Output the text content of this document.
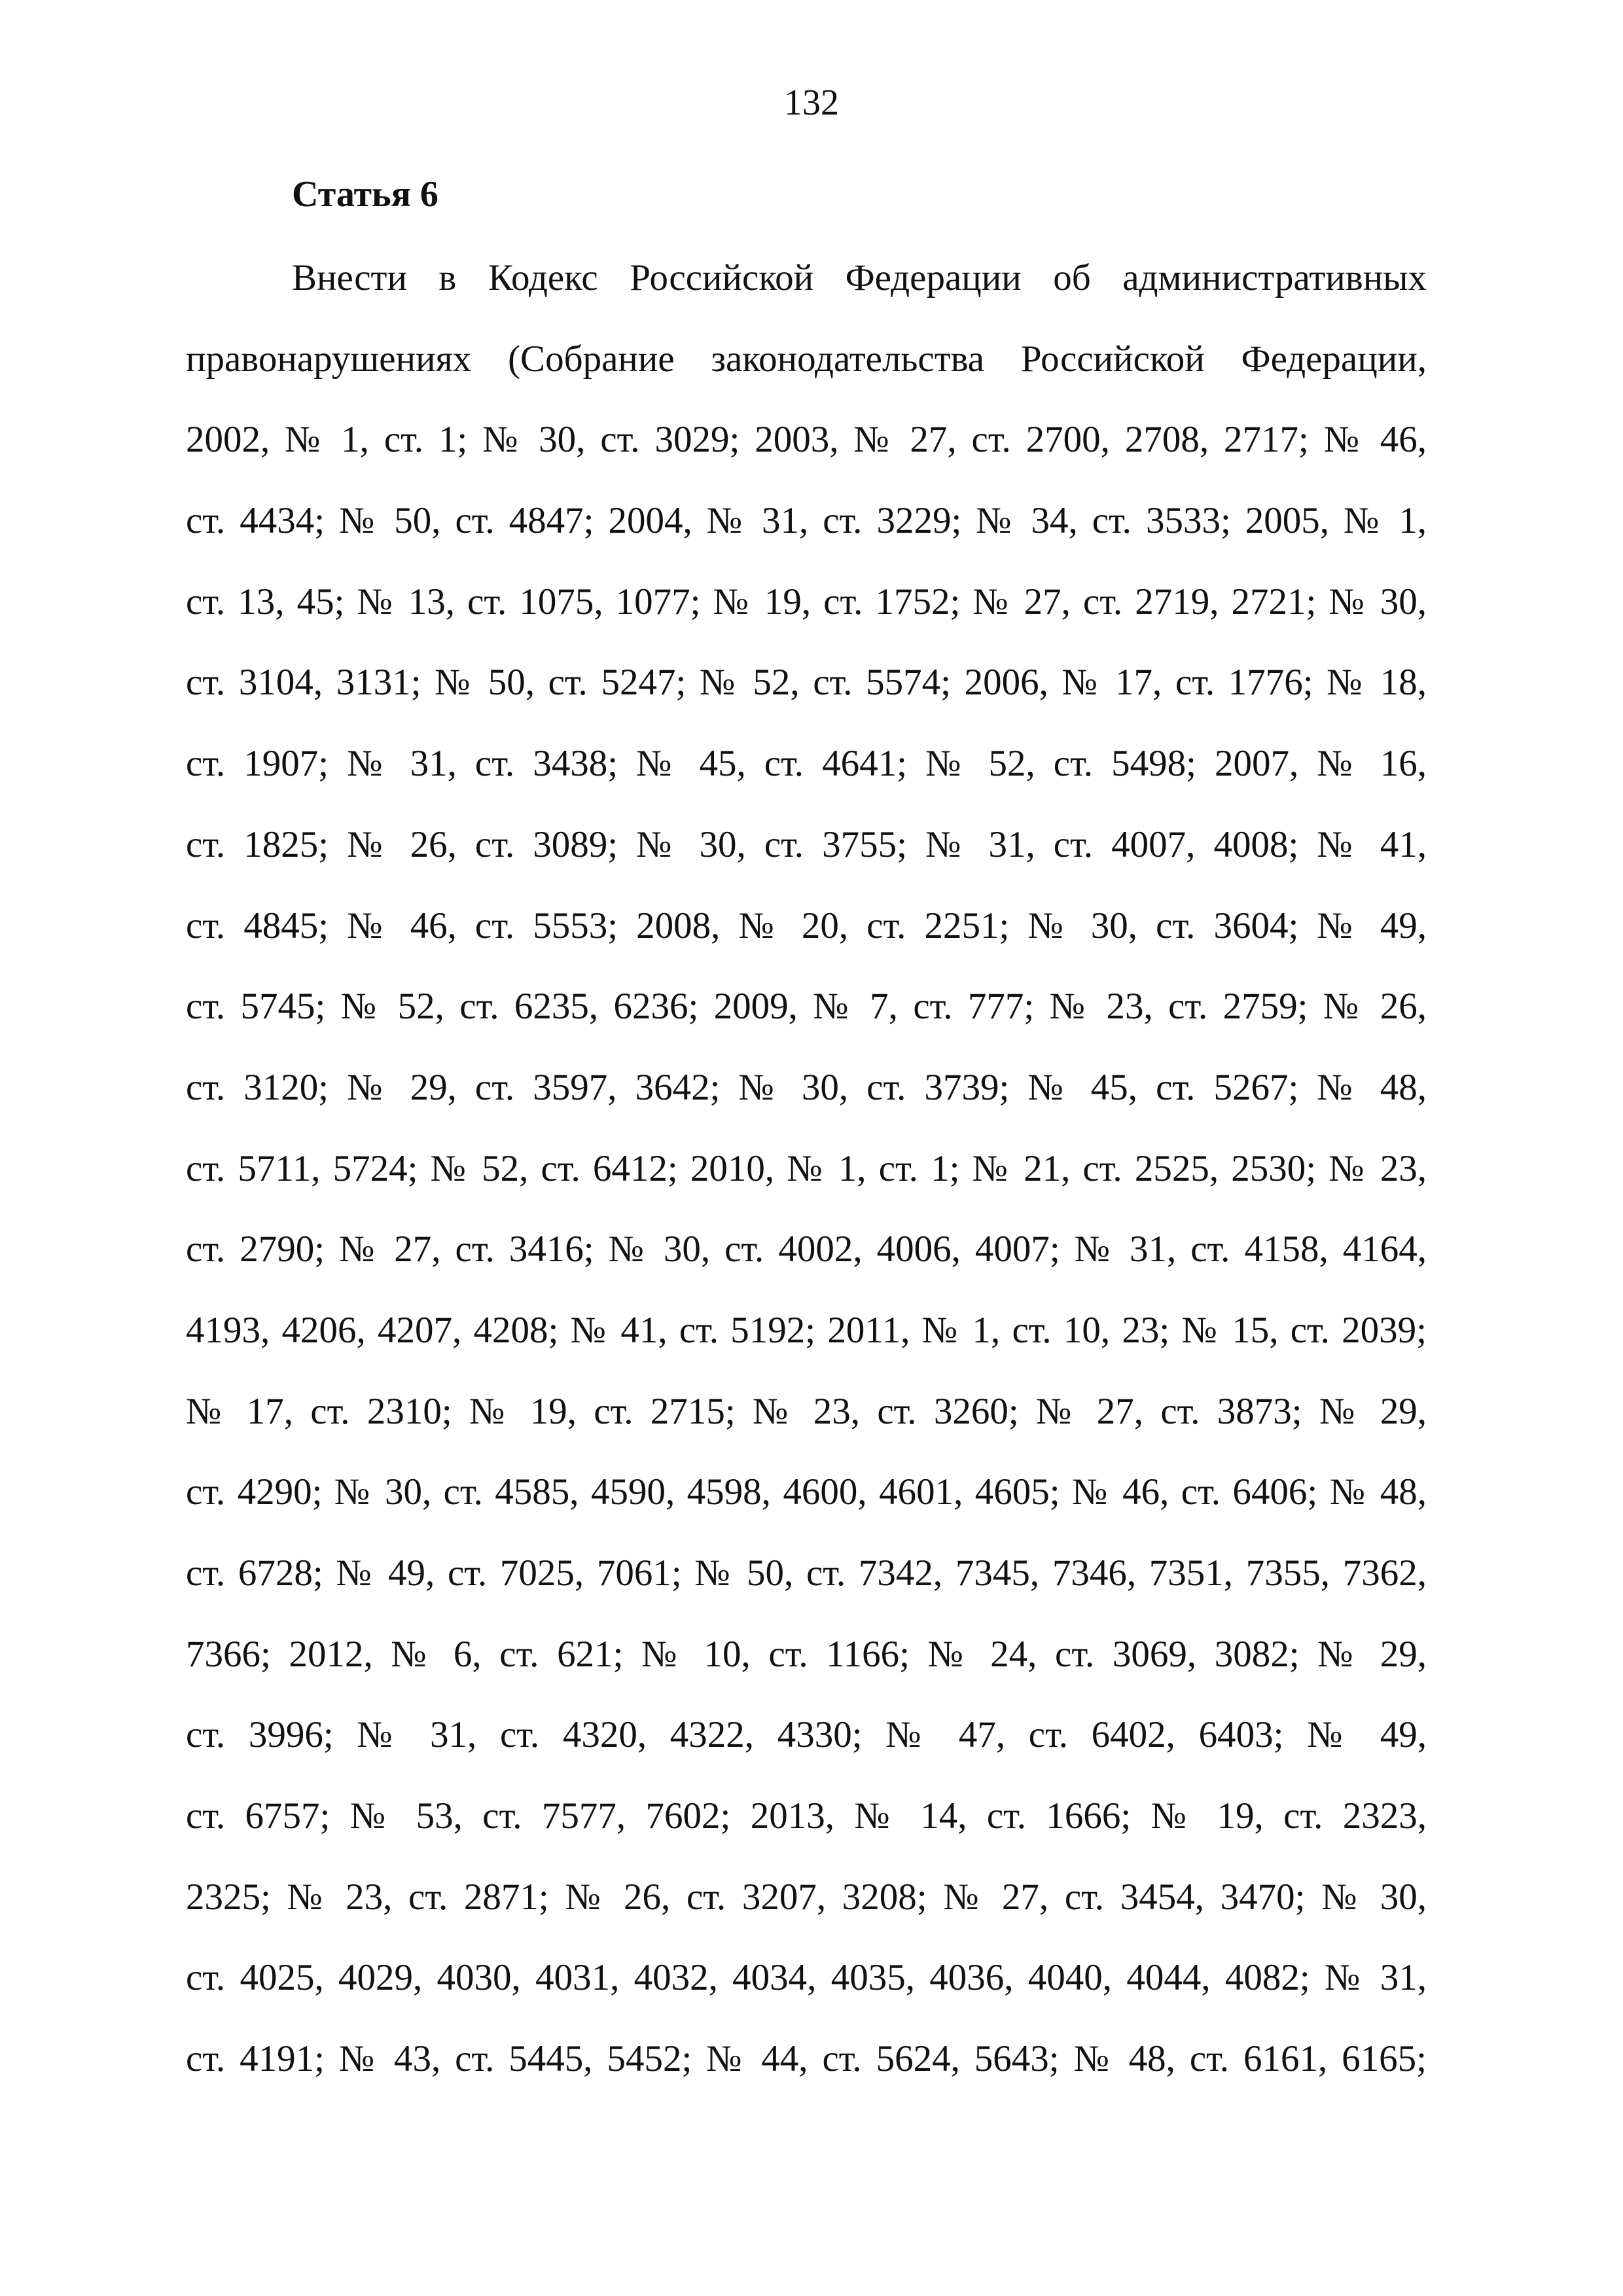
132
Статья 6
Внести в Кодекс Российской Федерации об административных
правонарушениях (Собрание законодательства Российской Федерации,
2002, № 1, ст. 1; № 30, ст. 3029; 2003, № 27, ст. 2700, 2708, 2717; № 46,
ст. 4434; № 50, ст. 4847; 2004, № 31, ст. 3229; № 34, ст. 3533; 2005, № 1,
ст. 13, 45; № 13, ст. 1075, 1077; № 19, ст. 1752; № 27, ст. 2719, 2721; № 30,
ст. 3104, 3131; № 50, ст. 5247; № 52, ст. 5574; 2006, № 17, ст. 1776; № 18,
ст. 1907; № 31, ст. 3438; № 45, ст. 4641; № 52, ст. 5498; 2007, № 16,
ст. 1825; № 26, ст. 3089; № 30, ст. 3755; № 31, ст. 4007, 4008; № 41,
ст. 4845; № 46, ст. 5553; 2008, № 20, ст. 2251; № 30, ст. 3604; № 49,
ст. 5745; № 52, ст. 6235, 6236; 2009, № 7, ст. 777; № 23, ст. 2759; № 26,
ст. 3120; № 29, ст. 3597, 3642; № 30, ст. 3739; № 45, ст. 5267; № 48,
ст. 5711, 5724; № 52, ст. 6412; 2010, № 1, ст. 1; № 21, ст. 2525, 2530; № 23,
ст. 2790; № 27, ст. 3416; № 30, ст. 4002, 4006, 4007; № 31, ст. 4158, 4164,
4193, 4206, 4207, 4208; № 41, ст. 5192; 2011, № 1, ст. 10, 23; № 15, ст. 2039;
№ 17, ст. 2310; № 19, ст. 2715; № 23, ст. 3260; № 27, ст. 3873; № 29,
ст. 4290; № 30, ст. 4585, 4590, 4598, 4600, 4601, 4605; № 46, ст. 6406; № 48,
ст. 6728; № 49, ст. 7025, 7061; № 50, ст. 7342, 7345, 7346, 7351, 7355, 7362,
7366; 2012, № 6, ст. 621; № 10, ст. 1166; № 24, ст. 3069, 3082; № 29,
ст. 3996; № 31, ст. 4320, 4322, 4330; № 47, ст. 6402, 6403; № 49,
ст. 6757; № 53, ст. 7577, 7602; 2013, № 14, ст. 1666; № 19, ст. 2323,
2325; № 23, ст. 2871; № 26, ст. 3207, 3208; № 27, ст. 3454, 3470; № 30,
ст. 4025, 4029, 4030, 4031, 4032, 4034, 4035, 4036, 4040, 4044, 4082; № 31,
ст. 4191; № 43, ст. 5445, 5452; № 44, ст. 5624, 5643; № 48, ст. 6161, 6165;
